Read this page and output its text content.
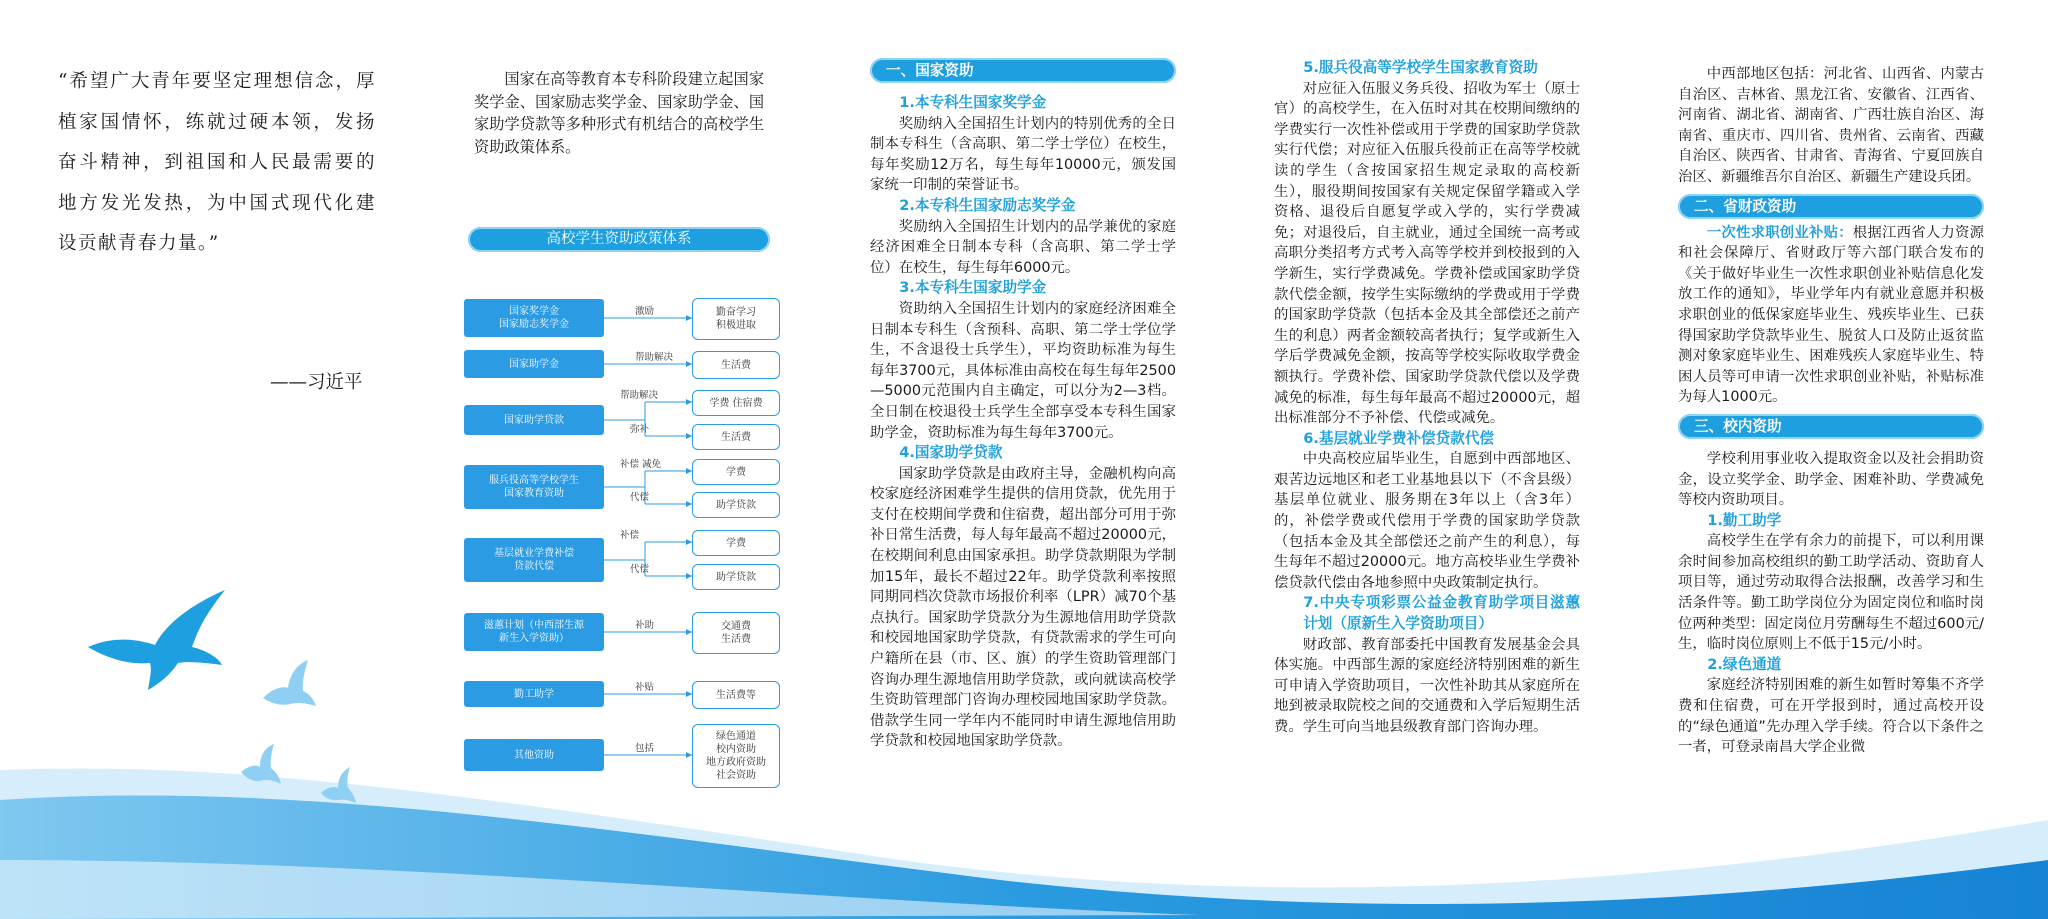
“希望广大青年要坚定理想信念，厚植家国情怀，练就过硬本领，发扬奋斗精神，到祖国和人民最需要的地方发光发热，为中国式现代化建设贡献青春力量。”
——习近平
国家在高等教育本专科阶段建立起国家奖学金、国家励志奖学金、国家助学金、国家助学贷款等多种形式有机结合的高校学生资助政策体系。
高校学生资助政策体系
国家奖学金
国家励志奖学金
勤奋学习
积极进取
激励
国家助学金	生活费
帮助解决
国家助学贷款
学费 住宿费
生活费
帮助解决
弥补
服兵役高等学校学生
国家教育资助
学费
助学贷款
补偿 减免
代偿
基层就业学费补偿
贷款代偿
学费
助学贷款
补偿
代偿
滋蕙计划（中西部生源
新生入学资助）
交通费
生活费
补助
勤工助学	生活费等
补贴
其他资助
绿色通道
校内资助
地方政府资助
社会资助
包括
一、国家资助
1.本专科生国家奖学金

奖励纳入全国招生计划内的特别优秀的全日制本专科生（含高职、第二学士学位）在校生，每年奖励12万名，每生每年10000元，颁发国家统一印制的荣誉证书。

2.本专科生国家励志奖学金

奖励纳入全国招生计划内的品学兼优的家庭经济困难全日制本专科（含高职、第二学士学位）在校生，每生每年6000元。

3.本专科生国家助学金

资助纳入全国招生计划内的家庭经济困难全日制本专科生（含预科、高职、第二学士学位学生，不含退役士兵学生），平均资助标准为每生每年3700元，具体标准由高校在每生每年2500—5000元范围内自主确定，可以分为2—3档。全日制在校退役士兵学生全部享受本专科生国家助学金，资助标准为每生每年3700元。

4.国家助学贷款

国家助学贷款是由政府主导，金融机构向高校家庭经济困难学生提供的信用贷款，优先用于支付在校期间学费和住宿费，超出部分可用于弥补日常生活费，每人每年最高不超过20000元，在校期间利息由国家承担。助学贷款期限为学制加15年，最长不超过22年。助学贷款利率按照同期同档次贷款市场报价利率（LPR）减70个基点执行。国家助学贷款分为生源地信用助学贷款和校园地国家助学贷款，有贷款需求的学生可向户籍所在县（市、区、旗）的学生资助管理部门咨询办理生源地信用助学贷款，或向就读高校学生资助管理部门咨询办理校园地国家助学贷款。借款学生同一学年内不能同时申请生源地信用助学贷款和校园地国家助学贷款。

5.服兵役高等学校学生国家教育资助

对应征入伍服义务兵役、招收为军士（原士官）的高校学生，在入伍时对其在校期间缴纳的学费实行一次性补偿或用于学费的国家助学贷款实行代偿；对应征入伍服兵役前正在高等学校就读的学生（含按国家招生规定录取的高校新生），服役期间按国家有关规定保留学籍或入学资格、退役后自愿复学或入学的，实行学费减免；对退役后，自主就业，通过全国统一高考或高职分类招考方式考入高等学校并到校报到的入学新生，实行学费减免。学费补偿或国家助学贷款代偿金额，按学生实际缴纳的学费或用于学费的国家助学贷款（包括本金及其全部偿还之前产生的利息）两者金额较高者执行；复学或新生入学后学费减免金额，按高等学校实际收取学费金额执行。学费补偿、国家助学贷款代偿以及学费减免的标准，每生每年最高不超过20000元，超出标准部分不予补偿、代偿或减免。

6.基层就业学费补偿贷款代偿

中央高校应届毕业生，自愿到中西部地区、艰苦边远地区和老工业基地县以下（不含县级）基层单位就业、服务期在3年以上（含3年）的，补偿学费或代偿用于学费的国家助学贷款（包括本金及其全部偿还之前产生的利息），每生每年不超过20000元。地方高校毕业生学费补偿贷款代偿由各地参照中央政策制定执行。

7.中央专项彩票公益金教育助学项目滋蕙计划（原新生入学资助项目）

财政部、教育部委托中国教育发展基金会具体实施。中西部生源的家庭经济特别困难的新生可申请入学资助项目，一次性补助其从家庭所在地到被录取院校之间的交通费和入学后短期生活费。学生可向当地县级教育部门咨询办理。

中西部地区包括：河北省、山西省、内蒙古自治区、吉林省、黑龙江省、安徽省、江西省、河南省、湖北省、湖南省、广西壮族自治区、海南省、重庆市、四川省、贵州省、云南省、西藏自治区、陕西省、甘肃省、青海省、宁夏回族自治区、新疆维吾尔自治区、新疆生产建设兵团。

二、省财政资助

一次性求职创业补贴：根据江西省人力资源和社会保障厅、省财政厅等六部门联合发布的《关于做好毕业生一次性求职创业补贴信息化发放工作的通知》，毕业学年内有就业意愿并积极求职创业的低保家庭毕业生、残疾毕业生、已获得国家助学贷款毕业生、脱贫人口及防止返贫监测对象家庭毕业生、困难残疾人家庭毕业生、特困人员等可申请一次性求职创业补贴，补贴标准为每人1000元。

三、校内资助

学校利用事业收入提取资金以及社会捐助资金，设立奖学金、助学金、困难补助、学费减免等校内资助项目。

1.勤工助学

高校学生在学有余力的前提下，可以利用课余时间参加高校组织的勤工助学活动、资助育人项目等，通过劳动取得合法报酬，改善学习和生活条件等。勤工助学岗位分为固定岗位和临时岗位两种类型：固定岗位月劳酬每生不超过600元/生，临时岗位原则上不低于15元/小时。

2.绿色通道

家庭经济特别困难的新生如暂时筹集不齐学费和住宿费，可在开学报到时，通过高校开设的“绿色通道”先办理入学手续。符合以下条件之一者，可登录南昌大学企业微
